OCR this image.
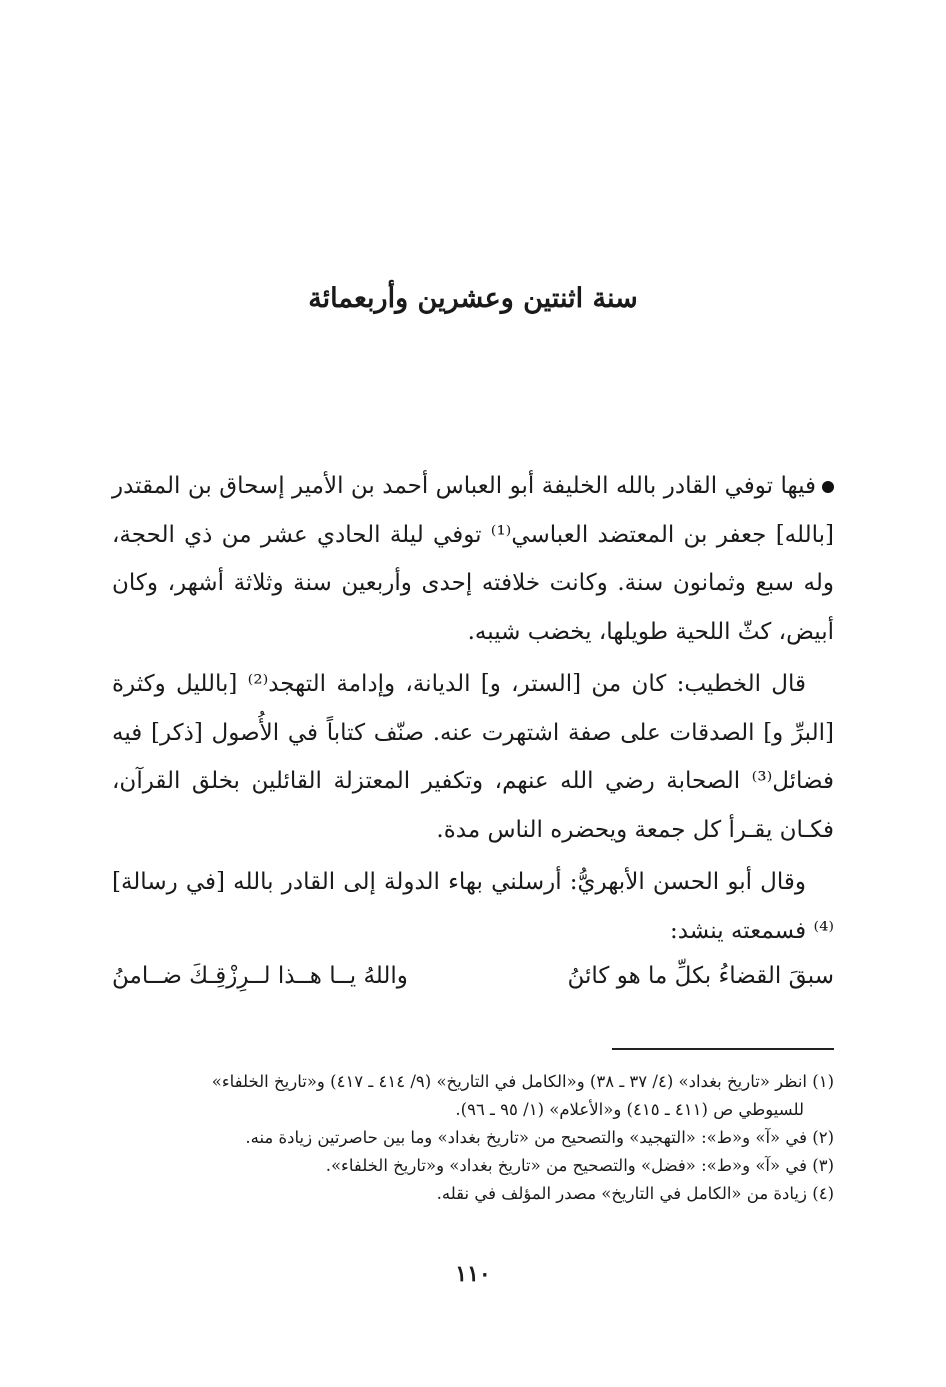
سنة اثنتين وعشرين وأربعمائة

فيها توفي القادر بالله الخليفة أبو العباس أحمد بن الأمير إسحاق بن المقتدر [بالله] جعفر بن المعتضد العباسي⁽¹⁾ توفي ليلة الحادي عشر من ذي الحجة، وله سبع وثمانون سنة. وكانت خلافته إحدى وأربعين سنة وثلاثة أشهر، وكان أبيض، كثّ اللحية طويلها، يخضب شيبه.

قال الخطيب: كان من [الستر، و] الديانة، وإدامة التهجد⁽²⁾ [بالليل وكثرة [البرِّ و] الصدقات على صفة اشتهرت عنه. صنّف كتاباً في الأُصول [ذكر] فيه فضائل⁽³⁾ الصحابة رضي الله عنهم، وتكفير المعتزلة القائلين بخلق القرآن، فكـان يقـرأ كل جمعة ويحضره الناس مدة.

وقال أبو الحسن الأبهريُّ: أرسلني بهاء الدولة إلى القادر بالله [في رسالة]⁽⁴⁾ فسمعته ينشد:

سبقَ القضاءُ بكلِّ ما هو كائنُ
واللهُ يــا هــذا لــرِزْقِـكَ ضــامنُ

(١) انظر «تاريخ بغداد» (٤/ ٣٧ ـ ٣٨) و«الكامل في التاريخ» (٩/ ٤١٤ ـ ٤١٧) و«تاريخ الخلفاء»

للسيوطي ص (٤١١ ـ ٤١٥) و«الأعلام» (١/ ٩٥ ـ ٩٦).

(٢) في «آ» و«ط»: «التهجيد» والتصحيح من «تاريخ بغداد» وما بين حاصرتين زيادة منه.

(٣) في «آ» و«ط»: «فضل» والتصحيح من «تاريخ بغداد» و«تاريخ الخلفاء».

(٤) زيادة من «الكامل في التاريخ» مصدر المؤلف في نقله.

١١٠
